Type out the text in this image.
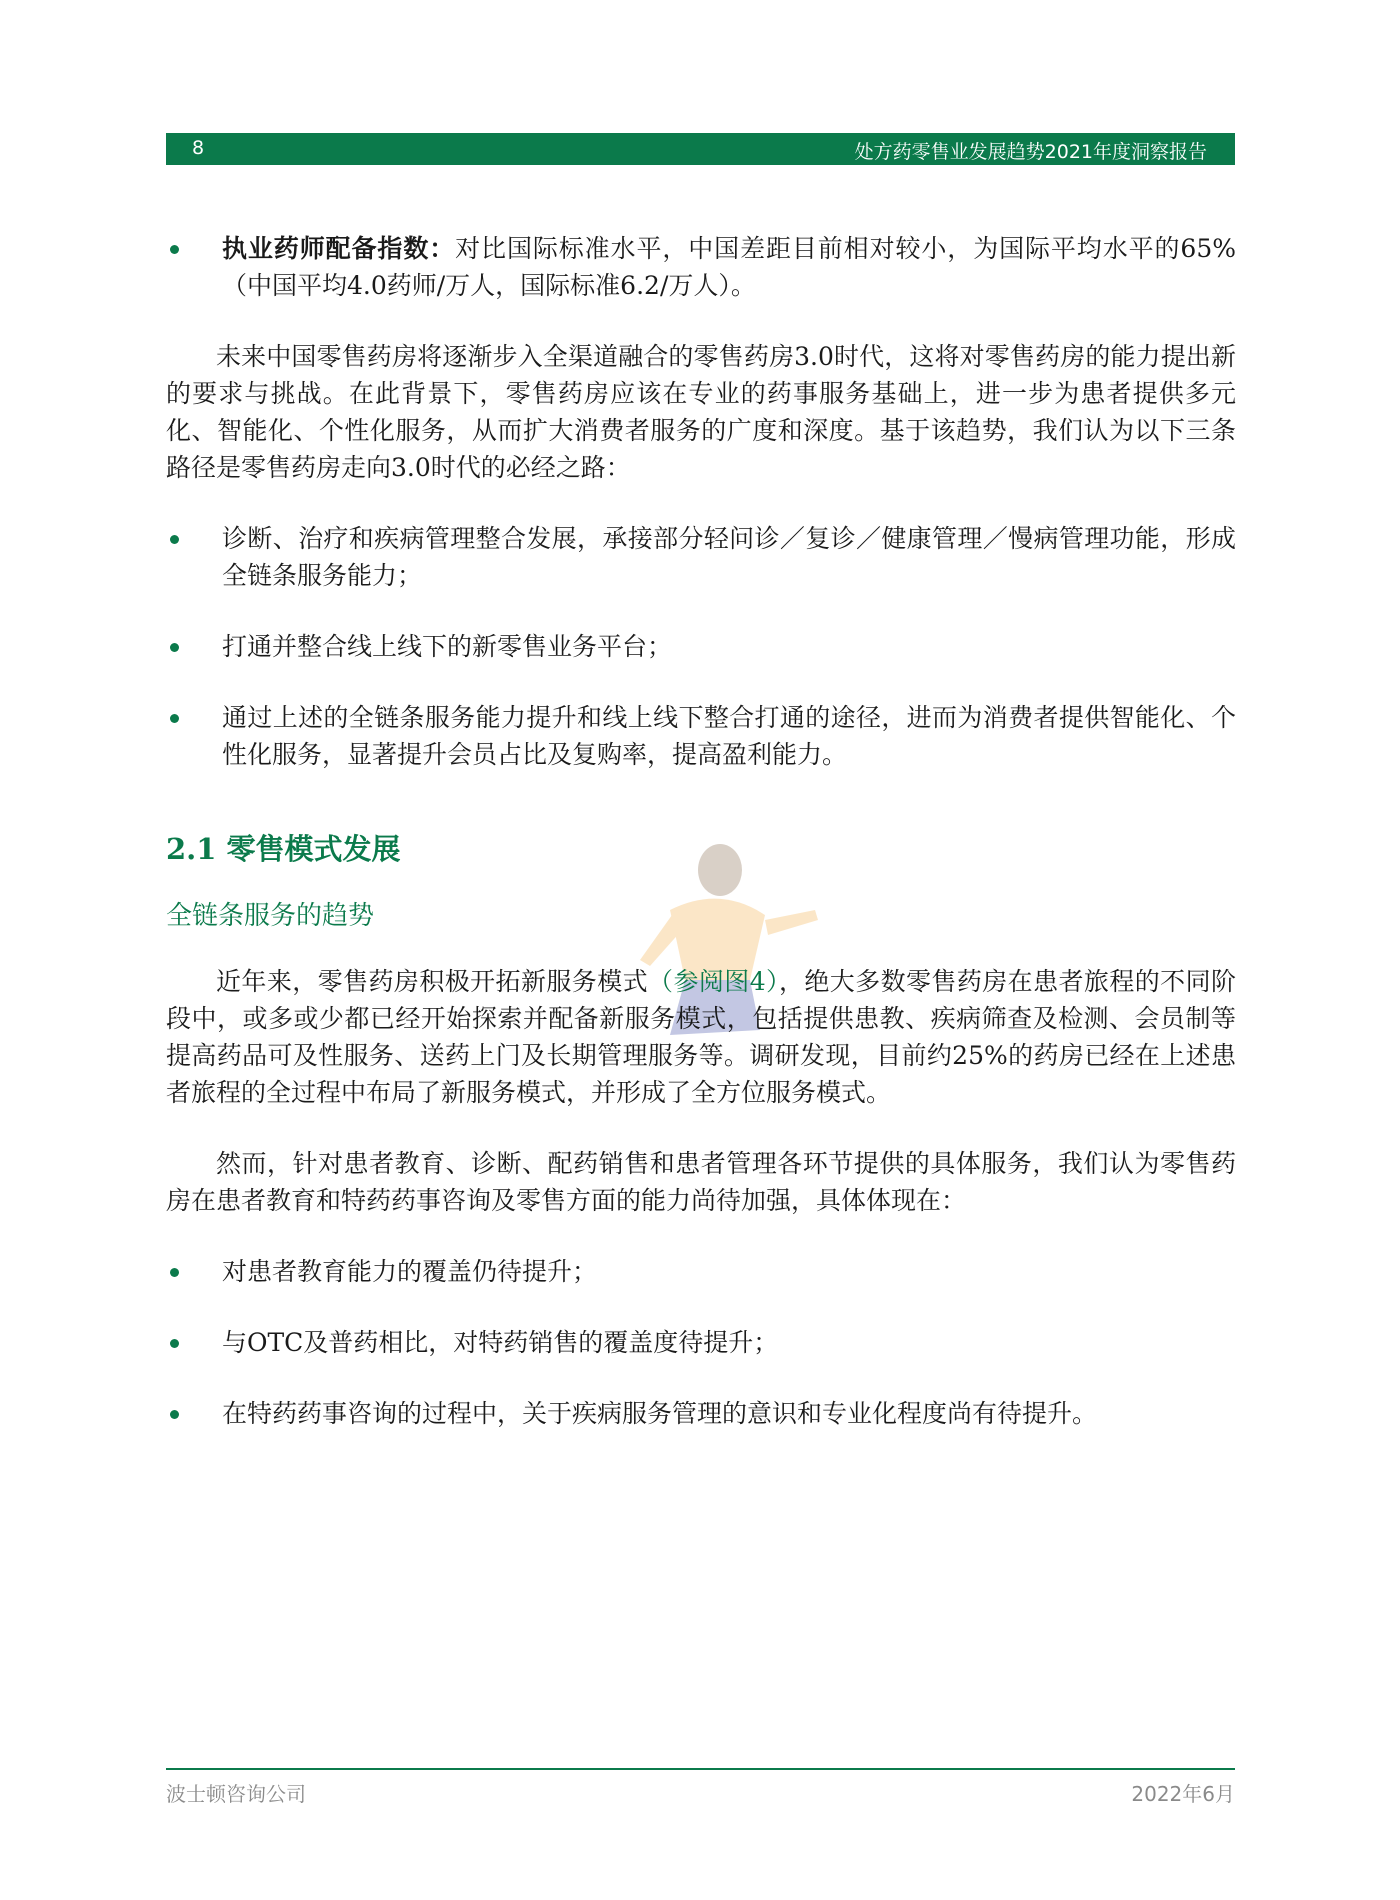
8	处方药零售业发展趋势2021年度洞察报告
执业药师配备指数：对比国际标准水平，中国差距目前相对较小，为国际平均水平的65%（中国平均4.0药师/万人，国际标准6.2/万人）。
未来中国零售药房将逐渐步入全渠道融合的零售药房3.0时代，这将对零售药房的能力提出新的要求与挑战。在此背景下，零售药房应该在专业的药事服务基础上，进一步为患者提供多元化、智能化、个性化服务，从而扩大消费者服务的广度和深度。基于该趋势，我们认为以下三条路径是零售药房走向3.0时代的必经之路：
诊断、治疗和疾病管理整合发展，承接部分轻问诊／复诊／健康管理／慢病管理功能，形成全链条服务能力；
打通并整合线上线下的新零售业务平台；
通过上述的全链条服务能力提升和线上线下整合打通的途径，进而为消费者提供智能化、个性化服务，显著提升会员占比及复购率，提高盈利能力。
2.1 零售模式发展
全链条服务的趋势
近年来，零售药房积极开拓新服务模式（参阅图4），绝大多数零售药房在患者旅程的不同阶段中，或多或少都已经开始探索并配备新服务模式，包括提供患教、疾病筛查及检测、会员制等提高药品可及性服务、送药上门及长期管理服务等。调研发现，目前约25%的药房已经在上述患者旅程的全过程中布局了新服务模式，并形成了全方位服务模式。
然而，针对患者教育、诊断、配药销售和患者管理各环节提供的具体服务，我们认为零售药房在患者教育和特药药事咨询及零售方面的能力尚待加强，具体体现在：
对患者教育能力的覆盖仍待提升；
与OTC及普药相比，对特药销售的覆盖度待提升；
在特药药事咨询的过程中，关于疾病服务管理的意识和专业化程度尚有待提升。
波士顿咨询公司	2022年6月
